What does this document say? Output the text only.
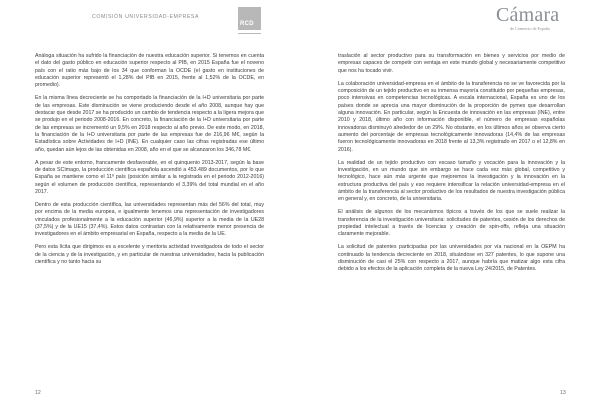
COMISIÓN UNIVERSIDAD-EMPRESA
RCD

Análoga situación ha sufrido la financiación de nuestra educación superior. Si tenemos en cuenta el dato del gasto público en educación superior respecto al PIB, en 2015 España fue el noveno país con el ratio más bajo de los 34 que conforman la OCDE (el gasto en instituciones de educación superior representó el 1,28% del PIB en 2015, frente al 1,52% de la OCDE, en promedio).

En la misma línea decreciente se ha comportado la financiación de la I+D universitaria por parte de las empresas. Este disminución se viene produciendo desde el año 2008, aunque hay que destacar que desde 2017 se ha producido un cambio de tendencia respecto a la ligera mejora que se produjo en el periodo 2008-2016. En concreto, la financiación de la I+D universitaria por parte de las empresas se incrementó un 9,5% en 2018 respecto al año previo. De este modo, en 2018, la financiación de la I+D universitaria por parte de las empresas fue de 216,96 M€, según la Estadística sobre Actividades de I+D (INE). En cualquier caso las cifras registradas ese último año, quedan aún lejos de las obtenidas en 2008, año en el que se alcanzaron los 346,78 M€.

A pesar de este entorno, francamente desfavorable, en el quinquenio 2013-2017, según la base de datos SCImago, la producción científica española ascendió a 453.489 documentos, por lo que España se mantiene como el 11º país (posición similar a la registrada en el periodo 2012-2016) según el volumen de producción científica, representando el 3,39% del total mundial en el año 2017.

Dentro de esta producción científica, las universidades representan más del 56% del total, muy por encima de la media europea, e igualmente tenemos una representación de investigadores vinculados profesionalmente a la educación superior (46,9%) superior a la media de la UE28 (37,5%) y de la UE15 (37,4%). Estos datos contrastan con la relativamente menor presencia de investigadores en el ámbito empresarial en España, respecto a la media de la UE.

Pero esta lícita que dirigimos es a excelente y meritoria actividad investigadora de todo el sector de la ciencia y de la investigación, y en particular de nuestras universidades, hacia la publicación científica y no tanto hacia su

12
Cámara
de Comercio de España

traslación al sector productivo para su transformación en bienes y servicios por medio de empresas capaces de competir con ventaja en este mundo global y necesariamente competitivo que nos ha tocado vivir.

La colaboración universidad-empresa en el ámbito de la transferencia no se ve favorecida por la composición de un tejido productivo en su inmensa mayoría constituido por pequeñas empresas, poco intensivas en competencias tecnológicas. A escala internacional, España es uno de los países donde se aprecia una mayor disminución de la proporción de pymes que desarrollan alguna innovación. En particular, según la Encuesta de innovación en las empresas (INE), entre 2010 y 2018, último año con información disponible, el número de empresas españolas innovadoras disminuyó alrededor de un 29%. No obstante, en los últimos años se observa cierto aumento del porcentaje de empresas tecnológicamente innovadoras (14,4% de las empresas fueron tecnológicamente innovadoras en 2018 frente al 13,3% registrado en 2017 o el 12,8% en 2016).

La realidad de un tejido productivo con escaso tamaño y vocación para la innovación y la investigación, en un mundo que sin embargo se hace cada vez más global, competitivo y tecnológico, hace aún más urgente que mejoremos la investigación y la innovación en la estructura productiva del país y eso requiere intensificar la relación universidad-empresa en el ámbito de la transferencia al sector productivo de los resultados de nuestra investigación pública en general y, en concreto, de la universitaria.

El análisis de algunos de los mecanismos típicos a través de los que se suele realizar la transferencia de la investigación universitaria: solicitudes de patentes, cesión de los derechos de propiedad intelectual a través de licencias y creación de spin-offs, refleja una situación claramente mejorable.

La solicitud de patentes participadas por las universidades por vía nacional en la OEPM ha continuado la tendencia decreciente en 2018, situándose en 327 patentes, lo que supone una disminución de casi el 25% con respecto a 2017, aunque habría que matizar algo esta cifra debido a los efectos de la aplicación completa de la nueva Ley 24/2015, de Patentes.

13
